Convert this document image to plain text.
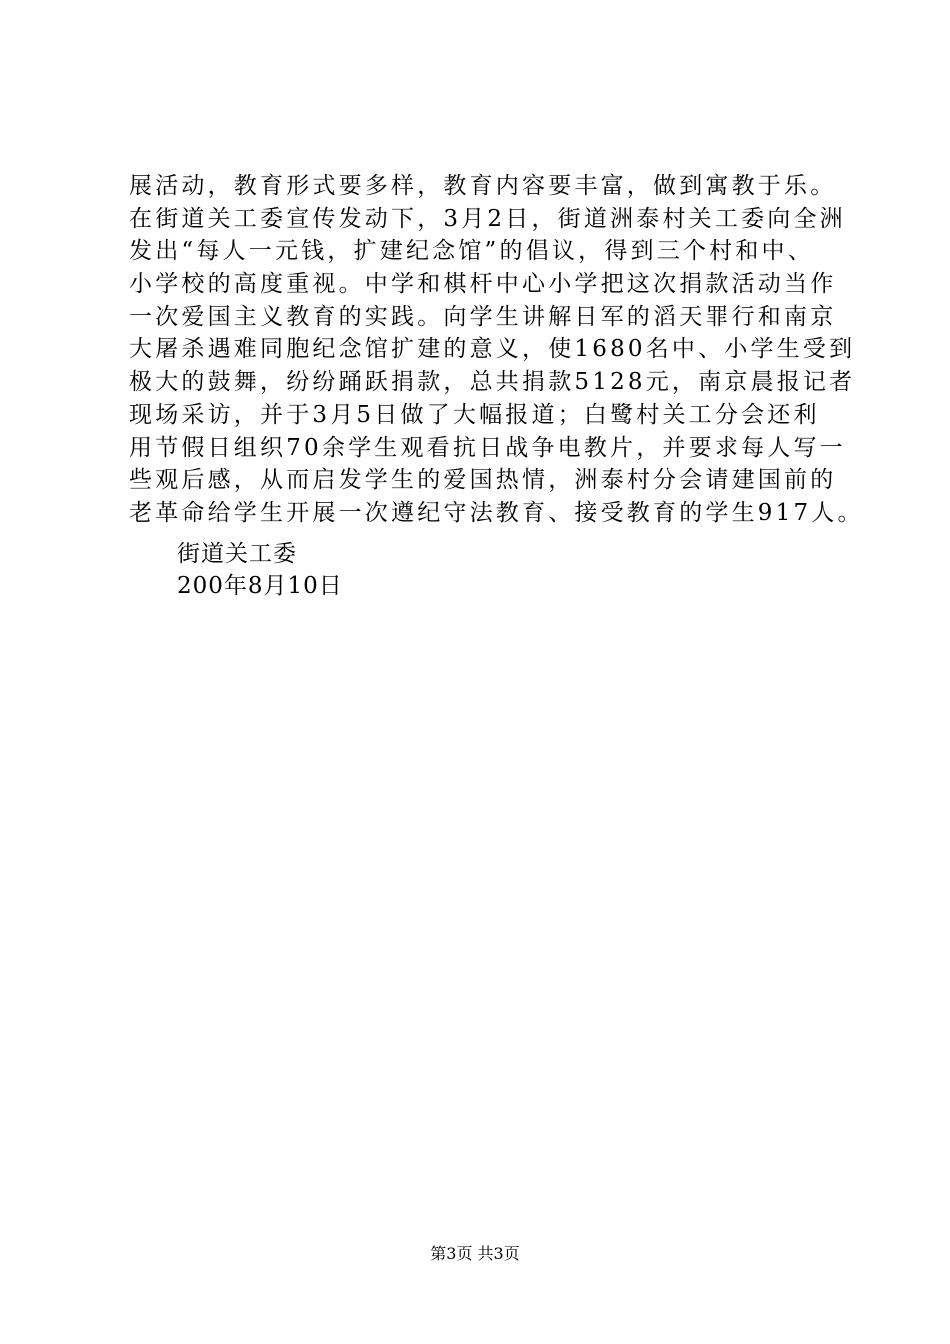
展活动，教育形式要多样，教育内容要丰富，做到寓教于乐。
在街道关工委宣传发动下，3月2日，街道洲泰村关工委向全洲
发出“每人一元钱，扩建纪念馆”的倡议，得到三个村和中、
小学校的高度重视。中学和棋杆中心小学把这次捐款活动当作
一次爱国主义教育的实践。向学生讲解日军的滔天罪行和南京
大屠杀遇难同胞纪念馆扩建的意义，使1680名中、小学生受到
极大的鼓舞，纷纷踊跃捐款，总共捐款5128元，南京晨报记者
现场采访，并于3月5日做了大幅报道；白鹭村关工分会还利
用节假日组织70余学生观看抗日战争电教片，并要求每人写一
些观后感，从而启发学生的爱国热情，洲泰村分会请建国前的
老革命给学生开展一次遵纪守法教育、接受教育的学生917人。
街道关工委
200年8月10日
第3页 共3页
